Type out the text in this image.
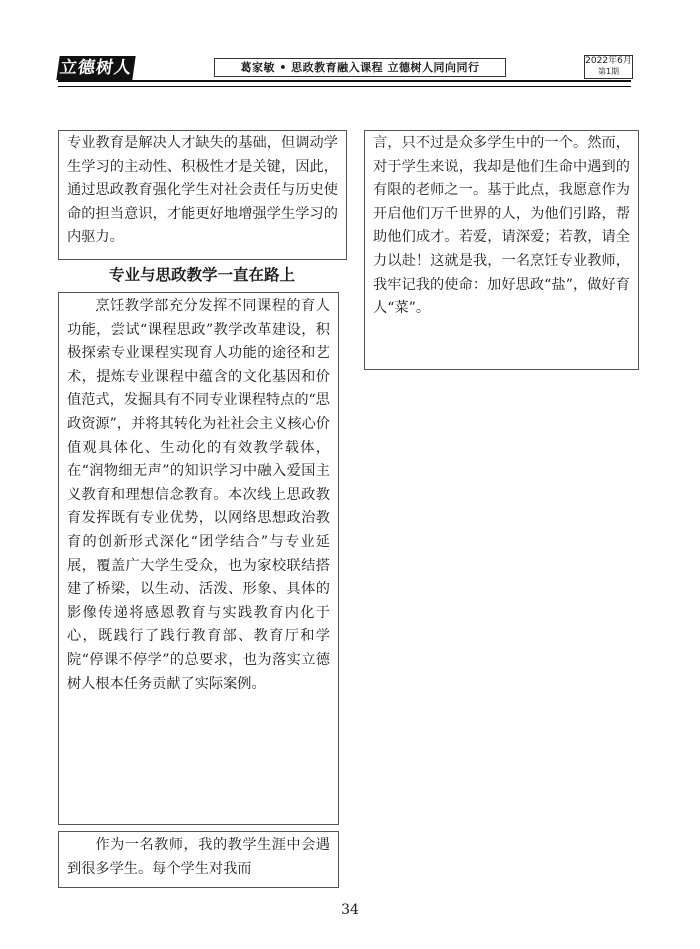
立德树人	葛家敏 • 思政教育融入课程 立德树人同向同行	2022年6月
第1期

专业教育是解决人才缺失的基础，但调动学生学习的主动性、积极性才是关键，因此，通过思政教育强化学生对社会责任与历史使命的担当意识，才能更好地增强学生学习的内驱力。

专业与思政教学一直在路上

烹饪教学部充分发挥不同课程的育人功能，尝试“课程思政”教学改革建设，积极探索专业课程实现育人功能的途径和艺术，提炼专业课程中蕴含的文化基因和价值范式，发掘具有不同专业课程特点的“思政资源”，并将其转化为社社会主义核心价值观具体化、生动化的有效教学载体，在“润物细无声”的知识学习中融入爱国主义教育和理想信念教育。本次线上思政教育发挥既有专业优势，以网络思想政治教育的创新形式深化“团学结合”与专业延展，覆盖广大学生受众，也为家校联结搭建了桥梁，以生动、活泼、形象、具体的影像传递将感恩教育与实践教育内化于心，既践行了践行教育部、教育厅和学院“停课不停学”的总要求，也为落实立德树人根本任务贡献了实际案例。

作为一名教师，我的教学生涯中会遇到很多学生。每个学生对我而

言，只不过是众多学生中的一个。然而，对于学生来说，我却是他们生命中遇到的有限的老师之一。基于此点，我愿意作为开启他们万千世界的人，为他们引路，帮助他们成才。若爱，请深爱；若教，请全力以赴！这就是我，一名烹饪专业教师，我牢记我的使命：加好思政“盐”，做好育人“菜”。

34
